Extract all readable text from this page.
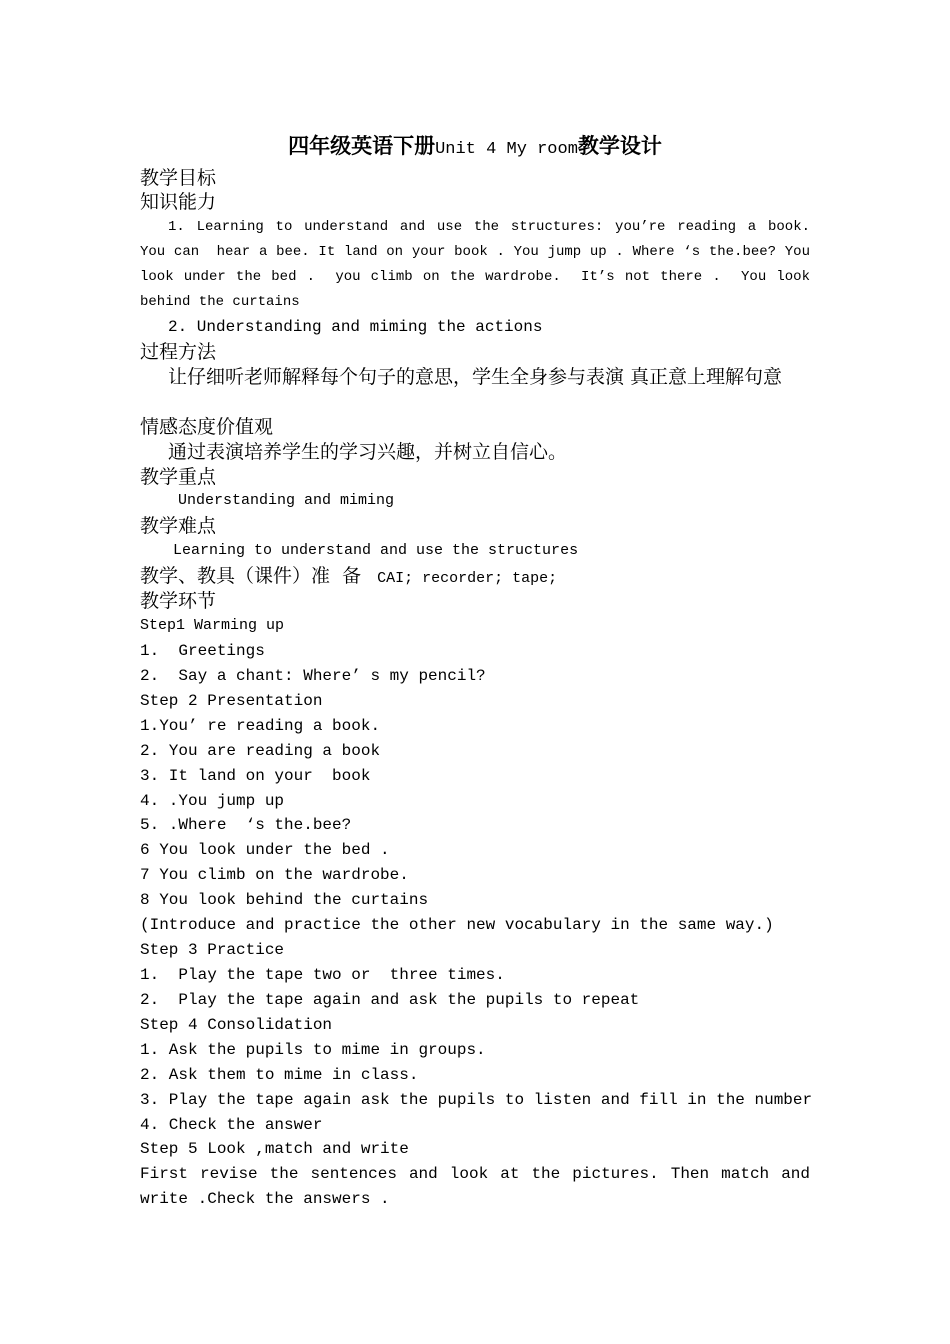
四年级英语下册Unit 4 My room教学设计
教学目标
知识能力
1. Learning to understand and use the structures: you’re reading a book.
You can  hear a bee. It land on your book . You jump up . Where ‘s the.bee? You
look under the bed .  you climb on the wardrobe.  It’s not there .  You look
behind the curtains
2. Understanding and miming the actions
过程方法
让仔细听老师解释每个句子的意思，学生全身参与表演 真正意上理解句意
情感态度价值观
通过表演培养学生的学习兴趣，并树立自信心。
教学重点
Understanding and miming
教学难点
Learning to understand and use the structures
教学、教具（课件）准  备 CAI; recorder; tape;
教学环节
Step1 Warming up
1.  Greetings
2.  Say a chant: Where’ s my pencil?
Step 2 Presentation
1.You’ re reading a book.
2. You are reading a book
3. It land on your  book
4. .You jump up
5. .Where  ‘s the.bee?
6 You look under the bed .
7 You climb on the wardrobe.
8 You look behind the curtains
(Introduce and practice the other new vocabulary in the same way.)
Step 3 Practice
1.  Play the tape two or  three times.
2.  Play the tape again and ask the pupils to repeat
Step 4 Consolidation
1. Ask the pupils to mime in groups.
2. Ask them to mime in class.
3. Play the tape again ask the pupils to listen and fill in the number
4. Check the answer
Step 5 Look ,match and write
First revise the sentences and look at the pictures. Then match and
write .Check the answers .
